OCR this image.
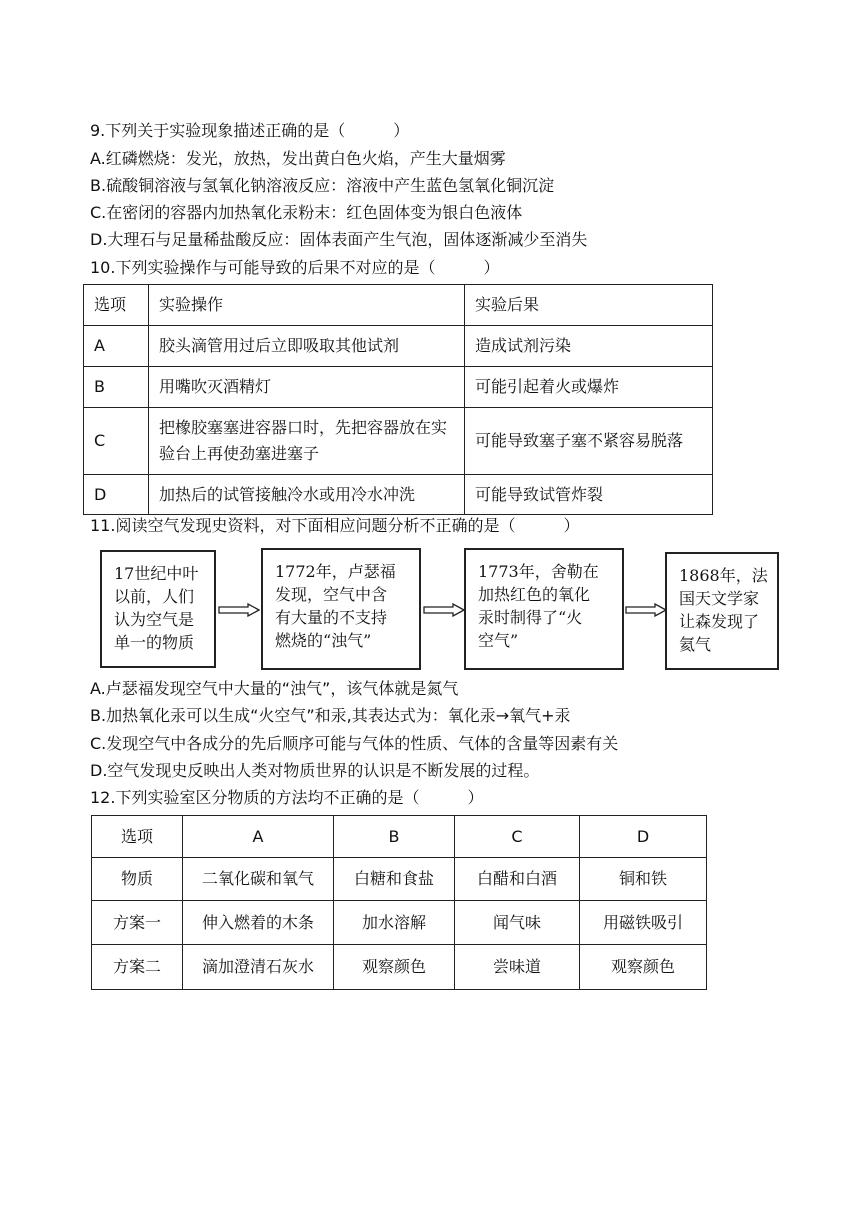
9.下列关于实验现象描述正确的是（　　　）
A.红磷燃烧：发光，放热，发出黄白色火焰，产生大量烟雾
B.硫酸铜溶液与氢氧化钠溶液反应：溶液中产生蓝色氢氧化铜沉淀
C.在密闭的容器内加热氧化汞粉末：红色固体变为银白色液体
D.大理石与足量稀盐酸反应：固体表面产生气泡，固体逐渐减少至消失
10.下列实验操作与可能导致的后果不对应的是（　　　）
选项	实验操作	实验后果
A	胶头滴管用过后立即吸取其他试剂	造成试剂污染
B	用嘴吹灭酒精灯	可能引起着火或爆炸
C	把橡胶塞塞进容器口时，先把容器放在实验台上再使劲塞进塞子	可能导致塞子塞不紧容易脱落
D	加热后的试管接触冷水或用冷水冲洗	可能导致试管炸裂
11.阅读空气发现史资料，对下面相应问题分析不正确的是（　　　）
17世纪中叶
以前，人们
认为空气是
单一的物质
1772年，卢瑟福
发现，空气中含
有大量的不支持
燃烧的“浊气”
1773年，舍勒在
加热红色的氧化
汞时制得了“火
空气”
1868年，法
国天文学家
让森发现了
氦气
A.卢瑟福发现空气中大量的“浊气”，该气体就是氮气
B.加热氧化汞可以生成“火空气”和汞,其表达式为：氧化汞→氧气+汞
C.发现空气中各成分的先后顺序可能与气体的性质、气体的含量等因素有关
D.空气发现史反映出人类对物质世界的认识是不断发展的过程。
12.下列实验室区分物质的方法均不正确的是（　　　）
选项	A	B	C	D
物质	二氧化碳和氧气	白糖和食盐	白醋和白酒	铜和铁
方案一	伸入燃着的木条	加水溶解	闻气味	用磁铁吸引
方案二	滴加澄清石灰水	观察颜色	尝味道	观察颜色
